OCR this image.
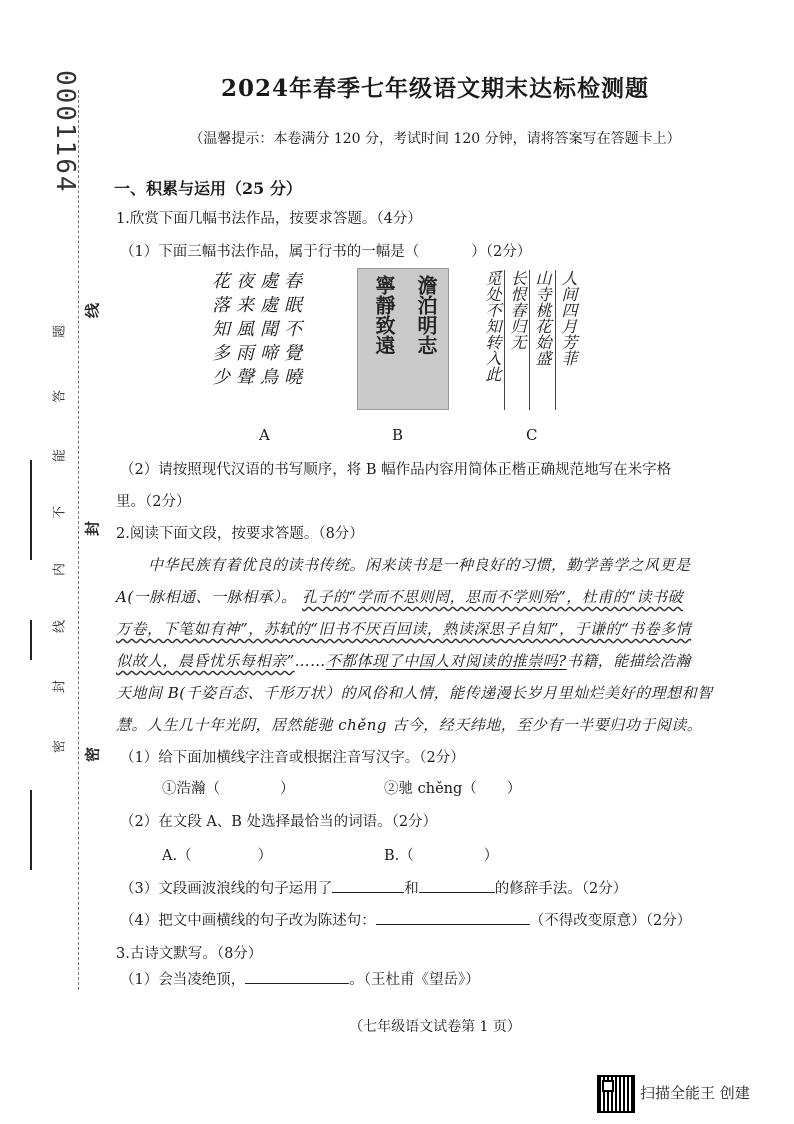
0001164
线
题
答
能
不
封
内
线
封
密
密
2024年春季七年级语文期末达标检测题
（温馨提示：本卷满分 120 分，考试时间 120 分钟，请将答案写在答题卡上）
一、积累与运用（25 分）
1.欣赏下面几幅书法作品，按要求答题。（4分）
（1）下面三幅书法作品，属于行书的一幅是（	）（2分）
花夜處春
落来處眠
知風聞不
多雨啼覺
少聲鳥曉
澹泊明志
寧靜致遠	人间四月芳菲
山寺桃花始盛
长恨春归无
觅处不知转入此
A	B	C
（2）请按照现代汉语的书写顺序，将 B 幅作品内容用简体正楷正确规范地写在米字格
里。（2分）
2.阅读下面文段，按要求答题。（8分）
中华民族有着优良的读书传统。闲来读书是一种良好的习惯，勤学善学之风更是
A(一脉相通、一脉相承）。 孔子的“学而不思则罔，思而不学则殆”，杜甫的“读书破
万卷，下笔如有神”，苏轼的“旧书不厌百回读，熟读深思子自知”，于谦的“书卷多情
似故人，晨昏忧乐每相亲”……不都体现了中国人对阅读的推崇吗?书籍，能描绘浩瀚
天地间 B(千姿百态、千形万状）的风俗和人情，能传递漫长岁月里灿烂美好的理想和智
慧。人生几十年光阴，居然能驰 chěng 古今，经天纬地，至少有一半要归功于阅读。
（1）给下面加横线字注音或根据注音写汉字。（2分）
①浩瀚（	）	②驰 chěng（ ）
（2）在文段 A、B 处选择最恰当的词语。（2分）
A.（	）	B.（	）
（3）文段画波浪线的句子运用了	和	的修辞手法。（2分）
（4）把文中画横线的句子改为陈述句：	（不得改变原意）（2分）
3.古诗文默写。（8分）
（1）会当凌绝顶，	。（王杜甫《望岳》）
（七年级语文试卷第 1 页）
扫描全能王 创建
